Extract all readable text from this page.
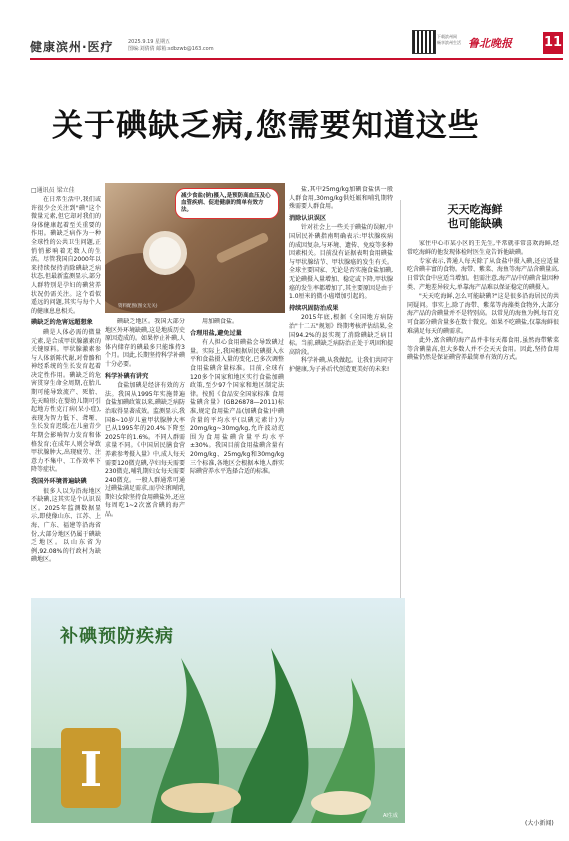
健康滨州·医疗	2025.9.19 星期五
图编:刘倩倩 邮箱:sdbzwb@163.com
下载滨州网
畅享滨州生活 鲁北晚报	11
关于碘缺乏病,您需要知道这些
□通讯员 梁立佳
减少食盐(钠)摄入,是预防高血压及心血管疾病、促进健康的简单有效方法。
资料配图(图文无关)

在日常生活中,我们或许很少会关注到"碘"这个微量元素,但它却对我们的身体健康起着至关重要的作用。碘缺乏病作为一种全球性的公共卫生问题,正悄悄影响着无数人的生活。尽管我国自2000年以来持续保持消除碘缺乏病状态,但最新监测显示,部分人群特别是孕妇的碘营养状况仍需关注。这个看似遥远的问题,其实与每个人的健康息息相关。

碘缺乏的危害远超想象

碘是人体必需的微量元素,是合成甲状腺激素的关键原料。甲状腺激素参与人体新陈代谢,对骨骼和神经系统的生长发育起着决定性作用。碘缺乏的危害贯穿生命全周期,在胎儿期可能导致流产、死胎、先天畸形;在婴幼儿期可引起地方性克汀病(呆小症),表现为智力低下、聋哑、生长发育迟缓;在儿童青少年期会影响智力发育和体格发育;在成年人则会导致甲状腺肿大,出现疲劳、注意力不集中、工作效率下降等症状。

我国外环境普遍缺碘

很多人以为沿海地区不缺碘,这其实是个认识误区。2025年监测数据显示,即使像山东、江苏、上海、广东、福建等沿海省份,大部分地区仍属于碘缺乏地区。以山东省为例,92.08%的行政村为缺碘地区。

碘缺乏地区。我国大部分地区外环境缺碘,这是地质历史原因造成的。如果停止补碘,人体内储存的碘最多只能维持3个月。因此,长期坚持科学补碘十分必要。

科学补碘有讲究

食盐加碘是经济有效的方法。我国从1995年实施普遍食盐加碘政策以来,碘缺乏病防治取得显著成效。监测显示,我国8~10岁儿童甲状腺肿大率已从1995年的20.4%下降至2025年的1.6%。不同人群需求量不同。《中国居民膳食营养素参考摄入量》中,成人每天需要120微克碘,孕妇每天需要230微克,哺乳期妇女每天需要240微克。一般人群通常可通过碘盐满足需求,而孕妇和哺乳期妇女除坚持食用碘盐外,还应每周吃1~2次富含碘的海产品。

用加碘食盐。

合理用盐,避免过量

有人担心食用碘盐会导致碘过量。实际上,我国根据居民碘摄入水平和食盐摄入量的变化,已多次调整食用盐碘含量标准。目前,全球有120多个国家和地区实行食盐加碘政策,至少97个国家和地区制定法律。按照《食品安全国家标准 食用盐碘含量》(GB26878—2011)标准,规定食用盐产品(加碘食盐)中碘含量的平均水平(以碘元素计)为20mg/kg~30mg/kg,允许波动范围为食用盐碘含量平均水平±30%。我国目前食用盐碘含量有20mg/kg、25mg/kg和30mg/kg三个标准,各地区会根据本地人群实际碘营养水平选择合适的标准。

盐,其中25mg/kg加碘食盐供一般人群食用,30mg/kg供妊娠和哺乳期特殊需要人群食用。

消除认识误区

针对社会上一些关于碘盐的误解,中国居民补碘指南明确表示:甲状腺疾病的成因复杂,与环境、遗传、免疫等多种因素相关。目前没有证据表明食用碘盐与甲状腺结节、甲状腺癌的发生有关。全球主要国家、无论是否实施食盐加碘,无论碘摄入量增加、稳定或下降,甲状腺癌的发生率都增加了,其主要原因是由于1.0厘米的微小癌增加引起的。

持续巩固防治成果

2015年底,根据《全国地方病防治"十二五"规划》终期考核评估结果,全国94.2%的县实现了消除碘缺乏病目标。当前,碘缺乏病防治正处于巩固和提高阶段。

科学补碘,从我做起。让我们共同守护健康,为子孙后代创造更美好的未来!

天天吃海鲜
也可能缺碘

家住中心市某小区的王先生,平常就非常喜欢海鲜,经常吃海鲜的他发现体检时医生竟告诉他缺碘。

专家表示,普通人每天除了从食盐中摄入碘,还应适量吃含碘丰富的食物。海带、紫菜、海鱼等海产品含碘量高,日常饮食中应适当增加。但需注意,海产品中的碘含量因种类、产地差异较大,单靠海产品难以保证稳定的碘摄入。

"天天吃海鲜,怎么可能缺碘?"这是很多沿海居民的共同疑问。事实上,除了海带、紫菜等海藻类食物外,大部分海产品的含碘量并不是特别高。以常见的海鱼为例,每百克可食部分碘含量多在数十微克。如果不吃碘盐,仅靠海鲜很难满足每天的碘需求。

此外,富含碘的海产品并非每天都食用,虽然海带紫菜等含碘量高,但大多数人并不会天天食用。因此,坚持食用碘盐仍然是保证碘营养最简单有效的方式。

(大小新闻)
I
补碘预防疾病
AI生成
